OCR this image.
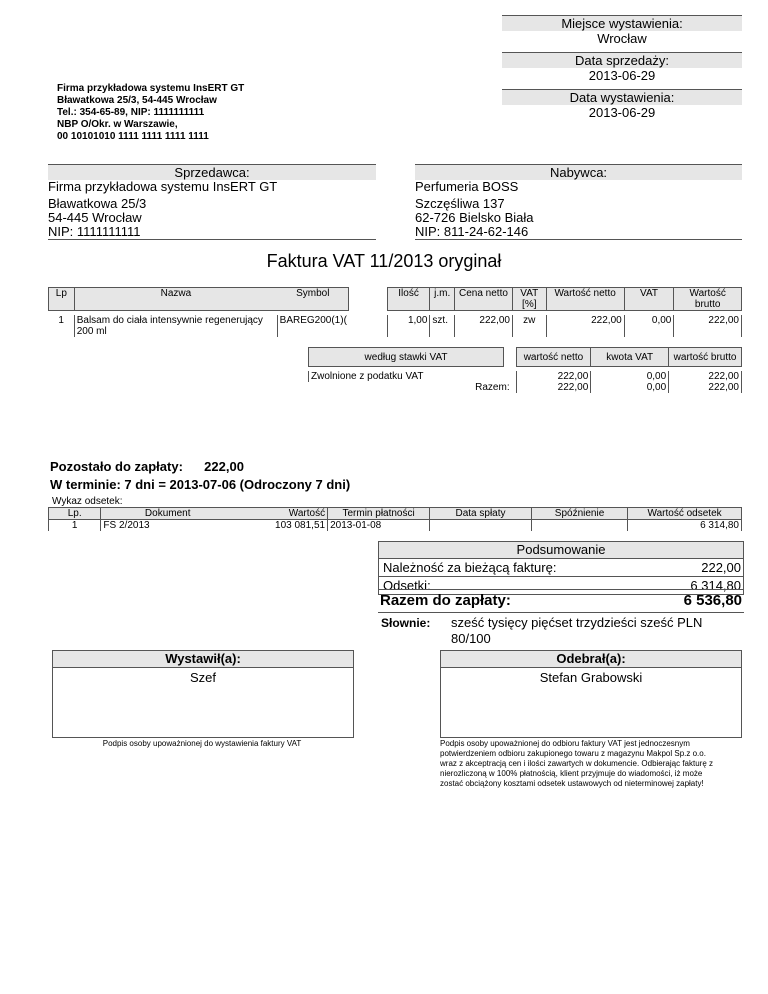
Miejsce wystawienia:
Wrocław
Data sprzedaży:
2013-06-29
Data wystawienia:
2013-06-29
Firma przykładowa systemu InsERT GT
Bławatkowa 25/3, 54-445 Wrocław
Tel.: 354-65-89, NIP: 1111111111
NBP O/Okr. w Warszawie,
00 10101010 1111 1111 1111 1111
Sprzedawca:
Firma przykładowa systemu InsERT GT
Bławatkowa 25/3
54-445 Wrocław
NIP: 1111111111
Nabywca:
Perfumeria BOSS
Szczęśliwa 137
62-726 Bielsko Biała
NIP: 811-24-62-146
Faktura VAT 11/2013 oryginał
Lp	Nazwa	Symbol		Ilość	j.m.	Cena netto	VAT
[%]	Wartość netto	VAT	Wartość brutto

1	Balsam do ciała intensywnie regenerujący
200 ml	BAREG200(1)(		1,00	szt.	222,00	zw	222,00	0,00	222,00
według stawki VAT		wartość netto	kwota VAT	wartość brutto

Zwolnione z podatku VAT		222,00	0,00	222,00
Razem:		222,00	0,00	222,00
Pozostało do zapłaty: 222,00
W terminie: 7 dni = 2013-07-06 (Odroczony 7 dni)
Wykaz odsetek:
Lp.	Dokument	Wartość	Termin płatności	Data spłaty	Spóźnienie	Wartość odsetek
1	FS 2/2013	103 081,51	2013-01-08			6 314,80
Podsumowanie
Należność za bieżącą fakturę:	222,00
Odsetki:	6 314,80
Razem do zapłaty:	6 536,80
Słownie: sześć tysięcy pięćset trzydzieści sześć PLN
80/100
Wystawił(a):
Szef
Podpis osoby upoważnionej do wystawienia faktury VAT
Odebrał(a):
Stefan Grabowski
Podpis osoby upoważnionej do odbioru faktury VAT jest jednoczesnym
potwierdzeniem odbioru zakupionego towaru z magazynu Makpol Sp.z o.o.
wraz z akceptracją cen i ilości zawartych w dokumencie. Odbierając fakturę z
nierozliczoną w 100% płatnością, klient przyjmuje do wiadomości, iż może
zostać obciążony kosztami odsetek ustawowych od nieterminowej zapłaty!
